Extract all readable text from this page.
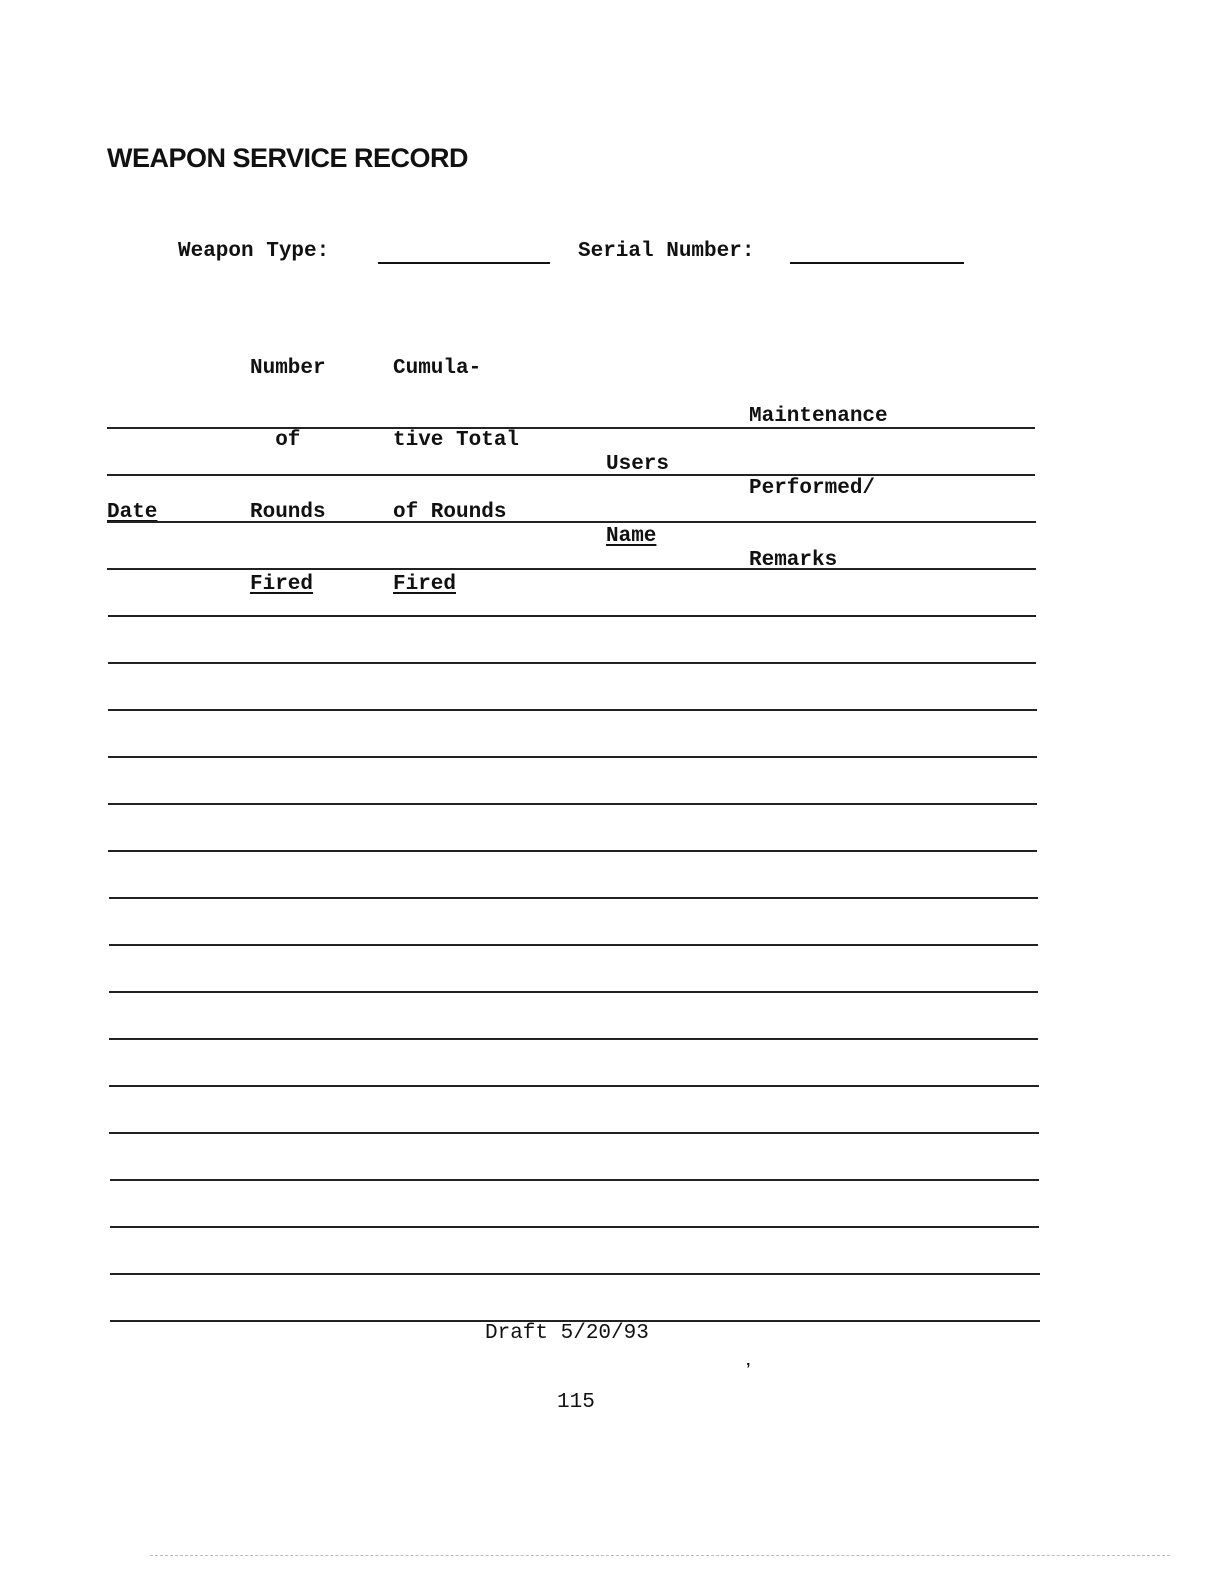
WEAPON SERVICE RECORD
Weapon Type:	Serial Number:

Date

Number

of

Rounds

Fired

Cumula-

tive Total

of Rounds

Fired

Users

Name

Maintenance

Performed/

Remarks

Draft 5/20/93
‚
115
